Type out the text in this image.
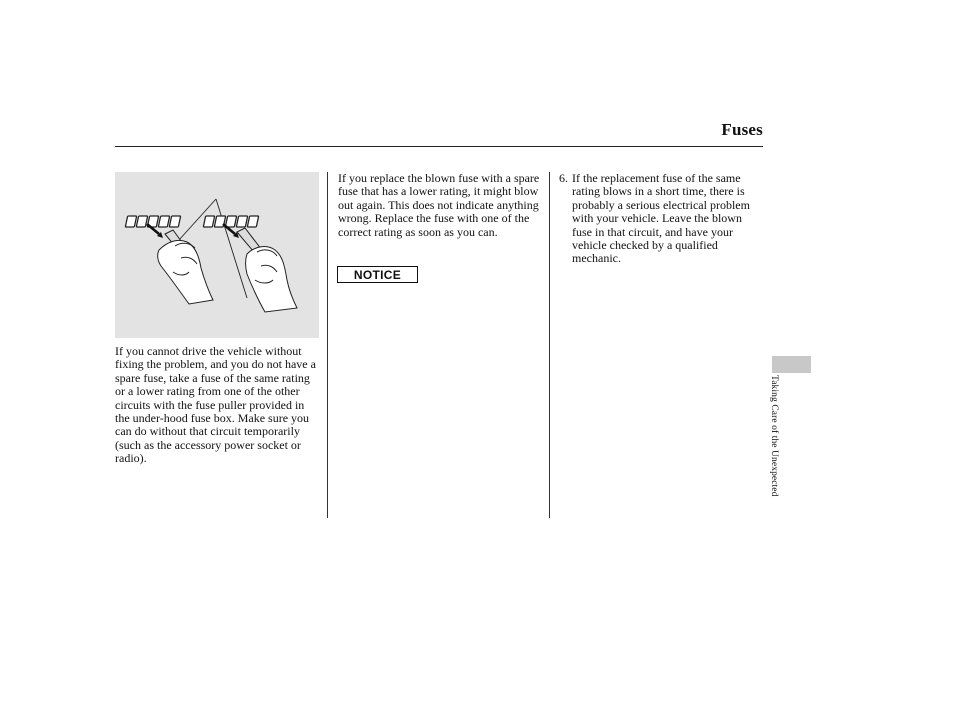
Fuses

If you cannot drive the vehicle without fixing the problem, and you do not have a spare fuse, take a fuse of the same rating or a lower rating from one of the other circuits with the fuse puller provided in the under-hood fuse box. Make sure you can do without that circuit temporarily (such as the accessory power socket or radio).

If you replace the blown fuse with a spare fuse that has a lower rating, it might blow out again. This does not indicate anything wrong. Replace the fuse with one of the correct rating as soon as you can.

NOTICE
6. If the replacement fuse of the same rating blows in a short time, there is probably a serious electrical problem with your vehicle. Leave the blown fuse in that circuit, and have your vehicle checked by a qualified mechanic.
Taking Care of the Unexpected
